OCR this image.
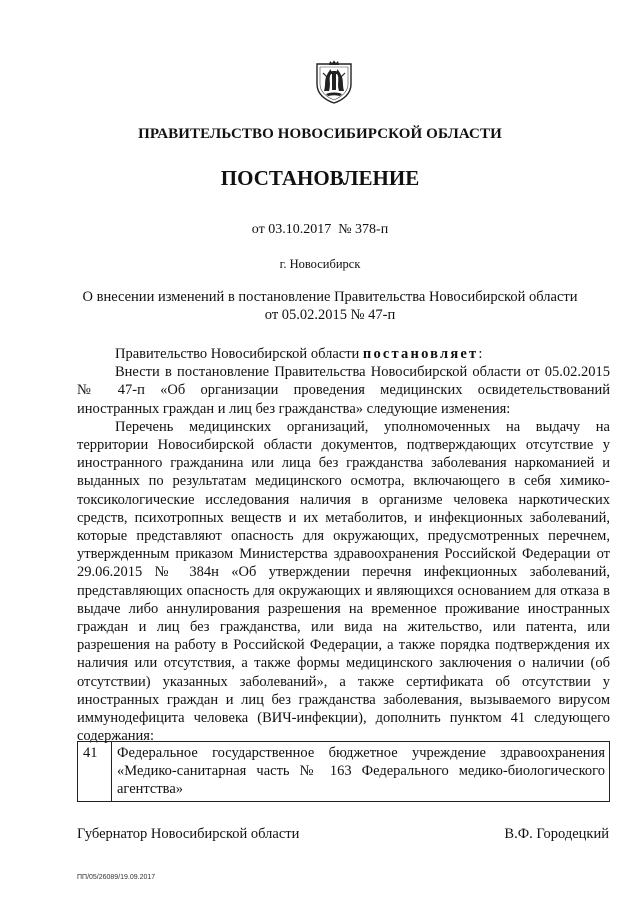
ПРАВИТЕЛЬСТВО НОВОСИБИРСКОЙ ОБЛАСТИ
ПОСТАНОВЛЕНИЕ
от 03.10.2017  № 378-п
г. Новосибирск
О внесении изменений в постановление Правительства Новосибирской области
от 05.02.2015 № 47-п

Правительство Новосибирской области постановляет:

Внести в постановление Правительства Новосибирской области от 05.02.2015 № 47-п «Об организации проведения медицинских освидетельствований иностранных граждан и лиц без гражданства» следующие изменения:

Перечень медицинских организаций, уполномоченных на выдачу на территории Новосибирской области документов, подтверждающих отсутствие у иностранного гражданина или лица без гражданства заболевания наркоманией и выданных по результатам медицинского осмотра, включающего в себя химико-токсикологические исследования наличия в организме человека наркотических средств, психотропных веществ и их метаболитов, и инфекционных заболеваний, которые представляют опасность для окружающих, предусмотренных перечнем, утвержденным приказом Министерства здравоохранения Российской Федерации от 29.06.2015 № 384н «Об утверждении перечня инфекционных заболеваний, представляющих опасность для окружающих и являющихся основанием для отказа в выдаче либо аннулирования разрешения на временное проживание иностранных граждан и лиц без гражданства, или вида на жительство, или патента, или разрешения на работу в Российской Федерации, а также порядка подтверждения их наличия или отсутствия, а также формы медицинского заключения о наличии (об отсутствии) указанных заболеваний», а также сертификата об отсутствии у иностранных граждан и лиц без гражданства заболевания, вызываемого вирусом иммунодефицита человека (ВИЧ-инфекции), дополнить пунктом 41 следующего содержания:

41	Федеральное государственное бюджетное учреждение здравоохранения «Медико-санитарная часть № 163 Федерального медико-биологического агентства»
Губернатор Новосибирской области	В.Ф. Городецкий
ПП/05/26089/19.09.2017
